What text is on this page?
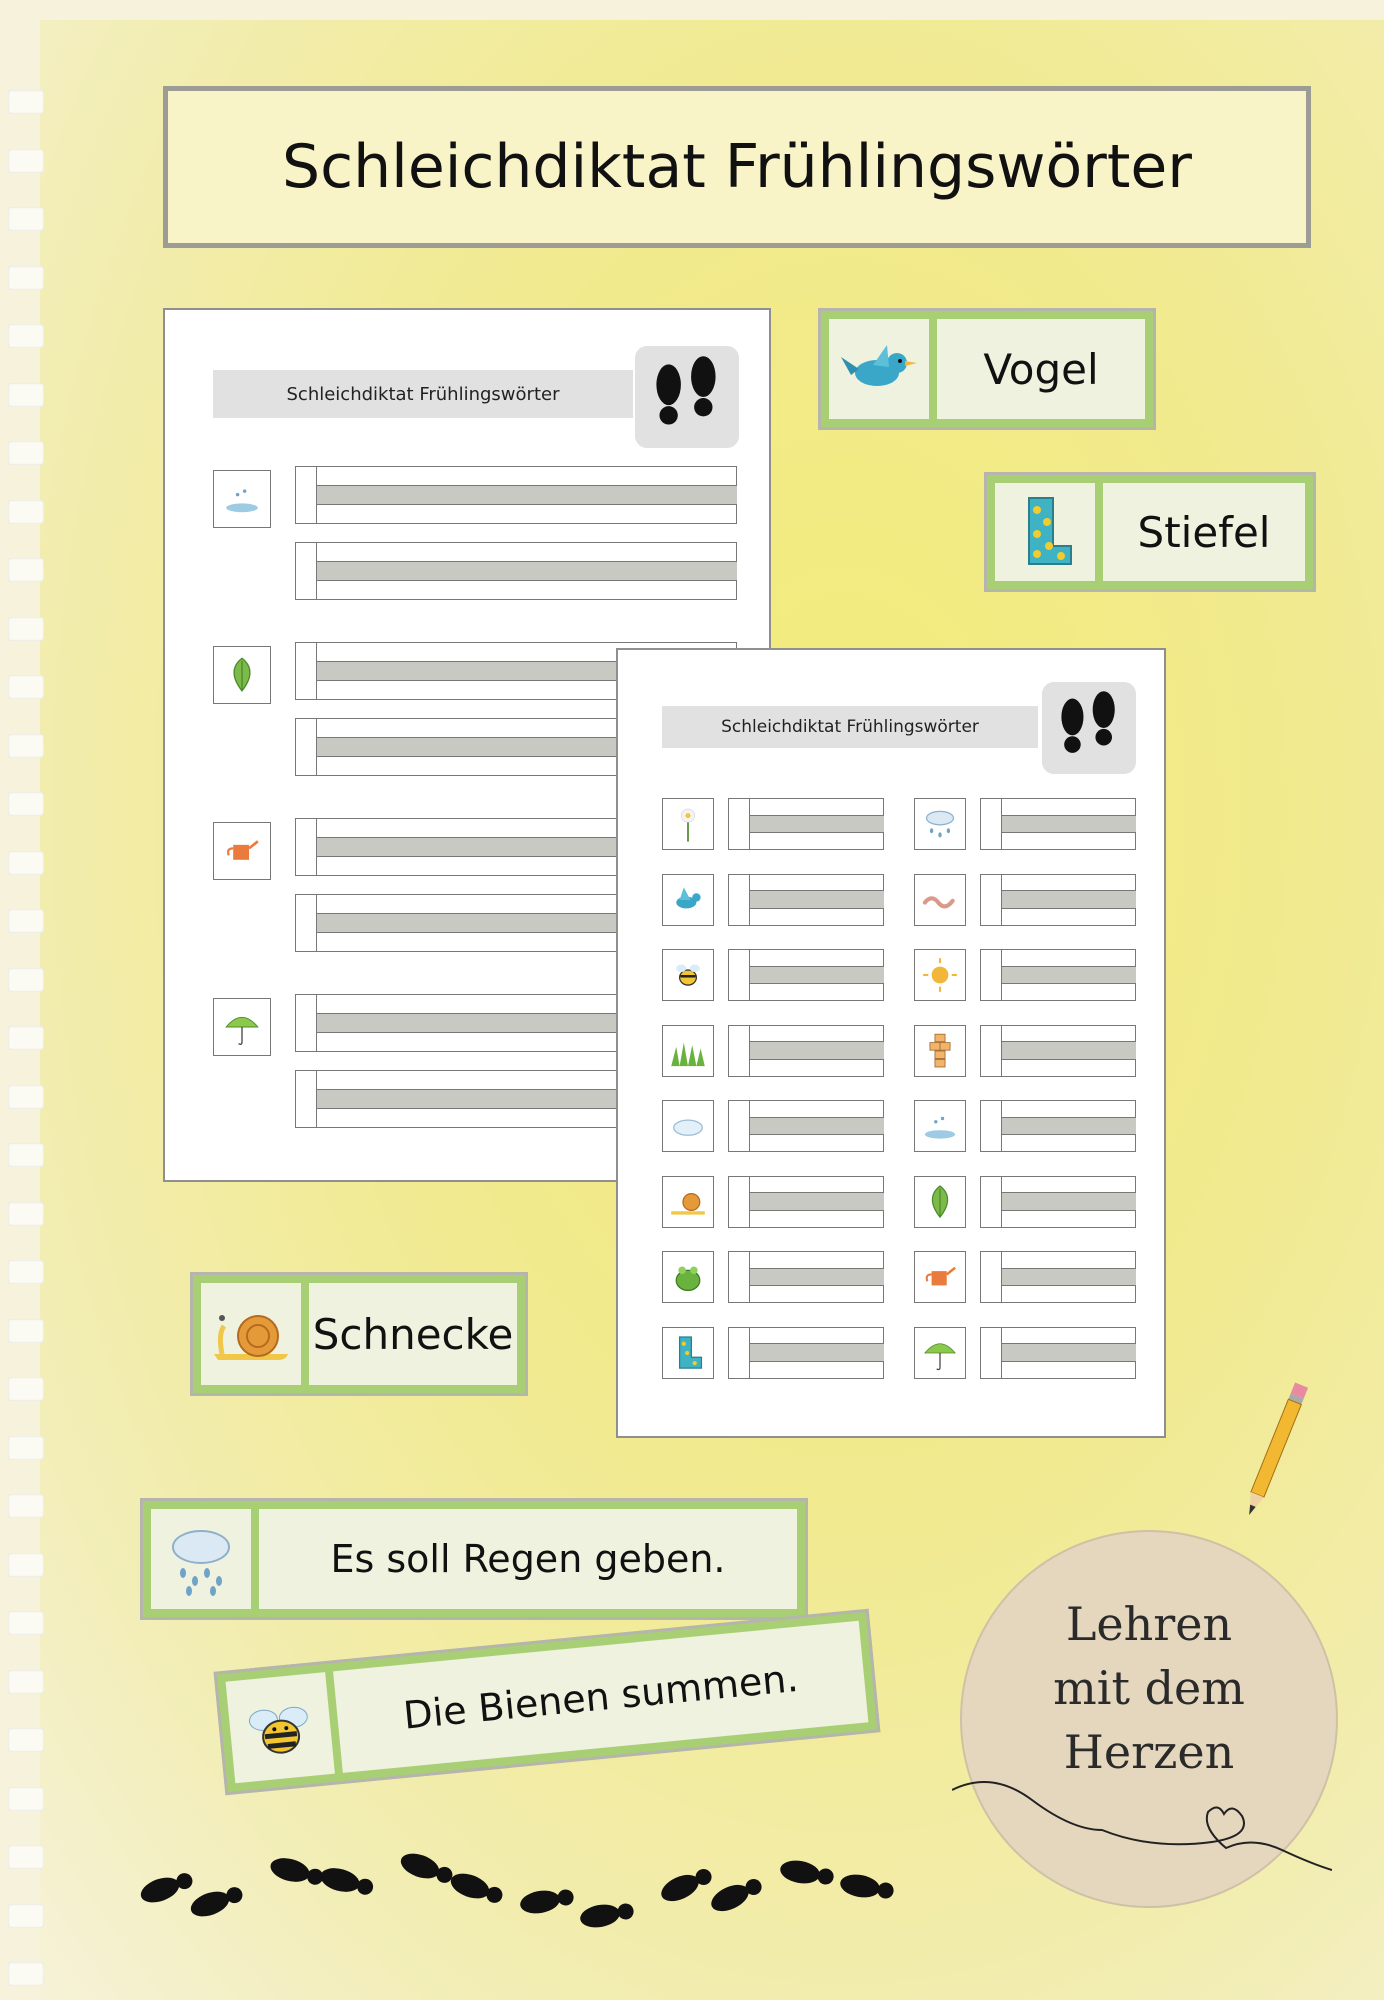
Schleichdiktat Frühlingswörter
Schleichdiktat Frühlingswörter
Schleichdiktat Frühlingswörter
Vogel
Stiefel
Schnecke
Es soll Regen geben.
Die Bienen summen.
Lehren
mit dem
Herzen
